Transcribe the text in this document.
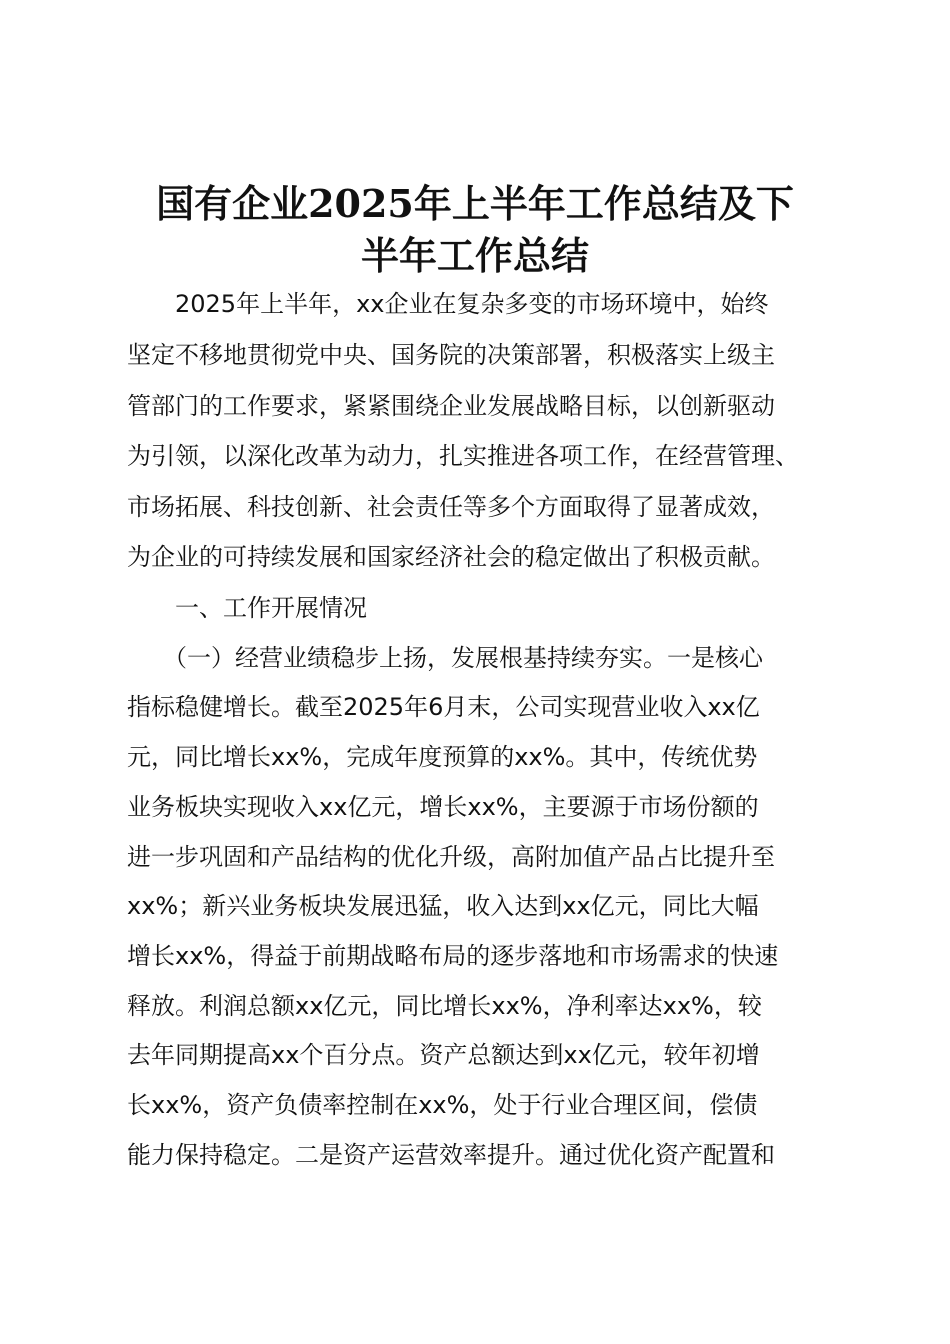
国有企业2025年上半年工作总结及下
半年工作总结
　　2025年上半年，xx企业在复杂多变的市场环境中，始终
坚定不移地贯彻党中央、国务院的决策部署，积极落实上级主
管部门的工作要求，紧紧围绕企业发展战略目标，以创新驱动
为引领，以深化改革为动力，扎实推进各项工作，在经营管理、
市场拓展、科技创新、社会责任等多个方面取得了显著成效，
为企业的可持续发展和国家经济社会的稳定做出了积极贡献。
　　一、工作开展情况
　　（一）经营业绩稳步上扬，发展根基持续夯实。一是核心
指标稳健增长。截至2025年6月末，公司实现营业收入xx亿
元，同比增长xx%，完成年度预算的xx%。其中，传统优势
业务板块实现收入xx亿元，增长xx%，主要源于市场份额的
进一步巩固和产品结构的优化升级，高附加值产品占比提升至
xx%；新兴业务板块发展迅猛，收入达到xx亿元，同比大幅
增长xx%，得益于前期战略布局的逐步落地和市场需求的快速
释放。利润总额xx亿元，同比增长xx%，净利率达xx%，较
去年同期提高xx个百分点。资产总额达到xx亿元，较年初增
长xx%，资产负债率控制在xx%，处于行业合理区间，偿债
能力保持稳定。二是资产运营效率提升。通过优化资产配置和
